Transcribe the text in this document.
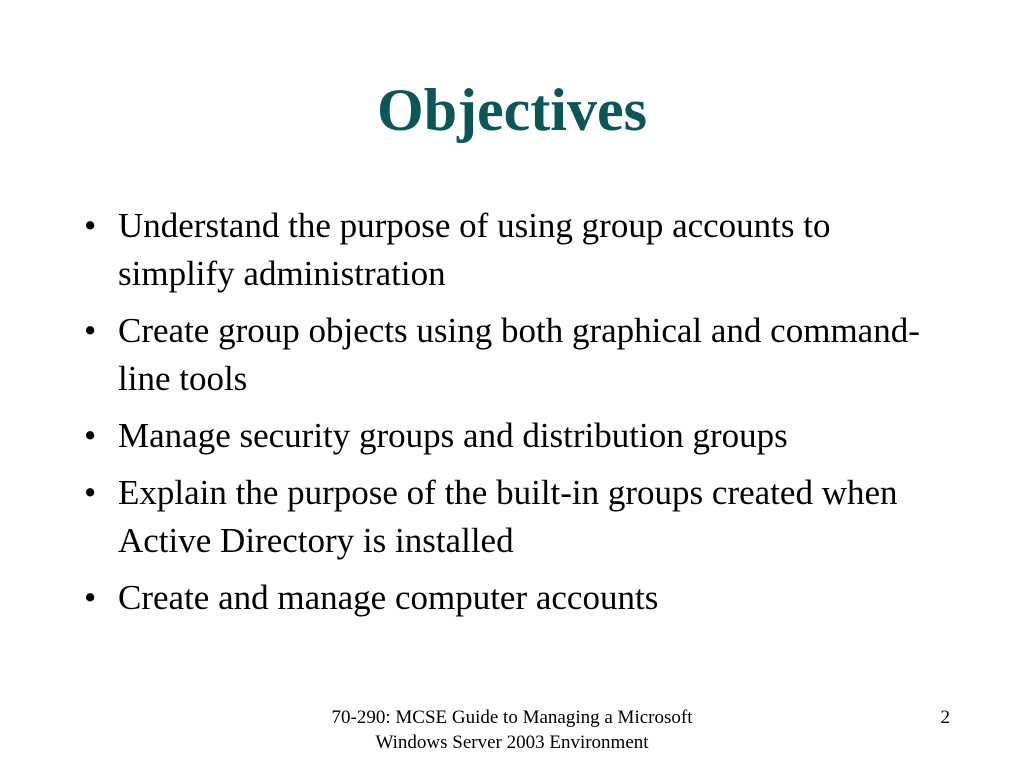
Objectives
• Understand the purpose of using group accounts to simplify administration
• Create group objects using both graphical and command-line tools
• Manage security groups and distribution groups
• Explain the purpose of the built-in groups created when Active Directory is installed
• Create and manage computer accounts
70-290: MCSE Guide to Managing a Microsoft
Windows Server 2003 Environment
2
